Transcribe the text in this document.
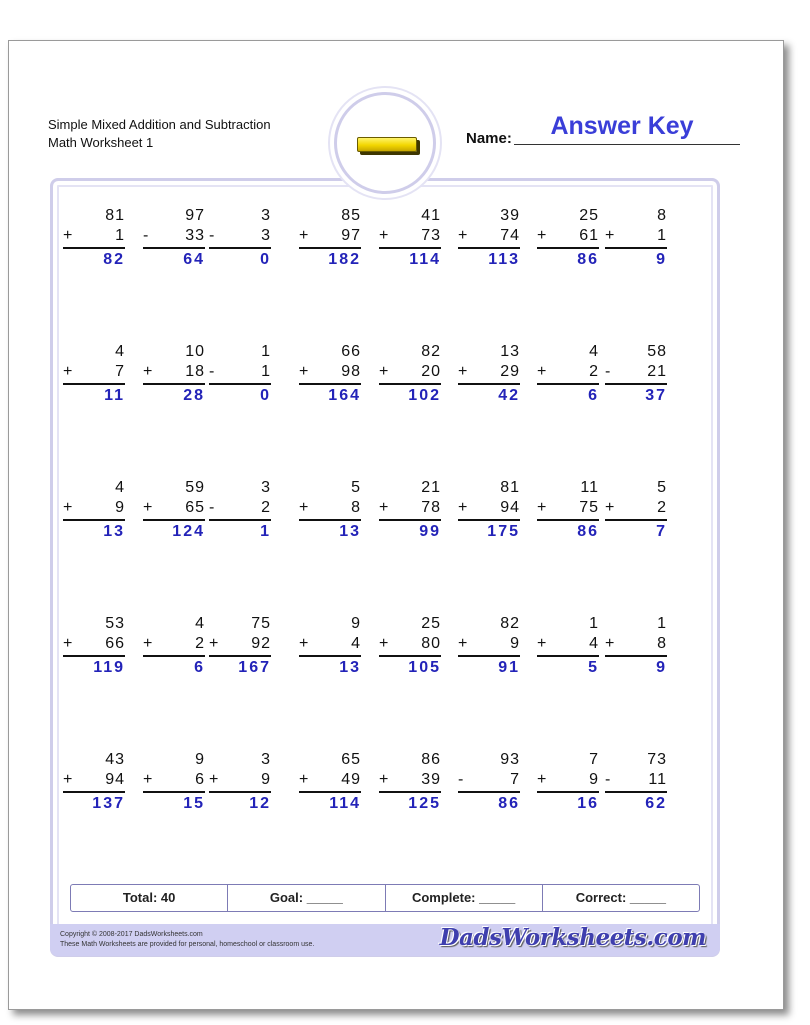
Simple Mixed Addition and Subtraction
Math Worksheet 1	Name:	Answer Key
81
+	1
82
97
- 33
64
3
-	3
0
85
+ 97
182
41
+ 73
114
39
+ 74
113
25
+ 61
86
8
+	1
9
4
+	7
11
10
+ 18
28
1
-	1
0
66
+ 98
164
82
+ 20
102
13
+ 29
42
4
+	2
6
58
- 21
37
4
+	9
13
59
+ 65
124
3
-	2
1
5
+	8
13
21
+ 78
99
81
+ 94
175
11
+ 75
86
5
+	2
7
53
+ 66
119
4
+	2
6
75
+ 92
167
9
+	4
13
25
+ 80
105
82
+	9
91
1
+	4
5
1
+	8
9
43
+ 94
137
9
+	6
15
3
+	9
12
65
+ 49
114
86
+ 39
125
93
-	7
86
7
+	9
16
73
- 11
62
Total: 40	Goal: _____	Complete: _____	Correct: _____
Copyright © 2008-2017 DadsWorksheets.com
These Math Worksheets are provided for personal, homeschool or classroom use.	DadsWorksheets.com
